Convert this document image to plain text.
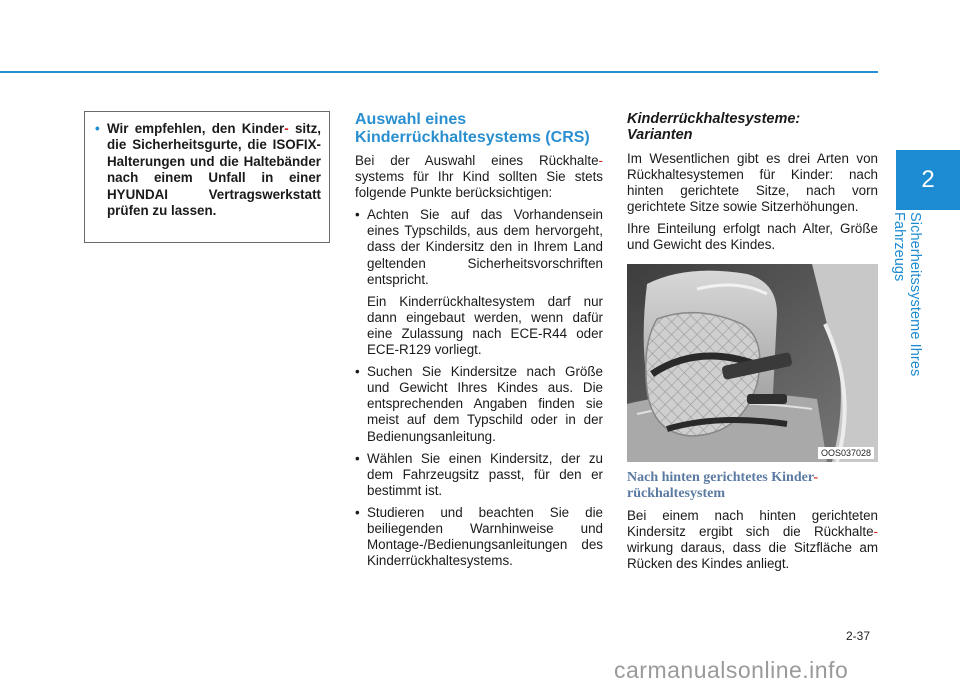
2
Sicherheitssysteme Ihres Fahrzeugs
• Wir empfehlen, den Kinder- sitz, die Sicherheitsgurte, die ISOFIX-Halterungen und die Haltebänder nach einem Unfall in einer HYUNDAI Vertragswerkstatt prüfen zu lassen.
Auswahl eines
Kinderrückhaltesystems (CRS)

Bei der Auswahl eines Rückhalte- systems für Ihr Kind sollten Sie stets folgende Punkte berücksichtigen:

• Achten Sie auf das Vorhandensein eines Typschilds, aus dem hervorgeht, dass der Kindersitz den in Ihrem Land geltenden Sicherheitsvorschriften entspricht.

Ein Kinderrückhaltesystem darf nur dann eingebaut werden, wenn dafür eine Zulassung nach ECE-R44 oder ECE-R129 vorliegt.

• Suchen Sie Kindersitze nach Größe und Gewicht Ihres Kindes aus. Die entsprechenden Angaben finden sie meist auf dem Typschild oder in der Bedienungsanleitung.
• Wählen Sie einen Kindersitz, der zu dem Fahrzeugsitz passt, für den er bestimmt ist.
• Studieren und beachten Sie die beiliegenden Warnhinweise und Montage-/Bedienungsanleitungen des Kinderrückhaltesystems.
Kinderrückhaltesysteme:
Varianten

Im Wesentlichen gibt es drei Arten von Rückhaltesystemen für Kinder: nach hinten gerichtete Sitze, nach vorn gerichtete Sitze sowie Sitzerhöhungen.

Ihre Einteilung erfolgt nach Alter, Größe und Gewicht des Kindes.

OOS037028
Nach hinten gerichtetes Kinder-
rückhaltesystem

Bei einem nach hinten gerichteten Kindersitz ergibt sich die Rückhalte- wirkung daraus, dass die Sitzfläche am Rücken des Kindes anliegt.

2-37
carmanualsonline.info
